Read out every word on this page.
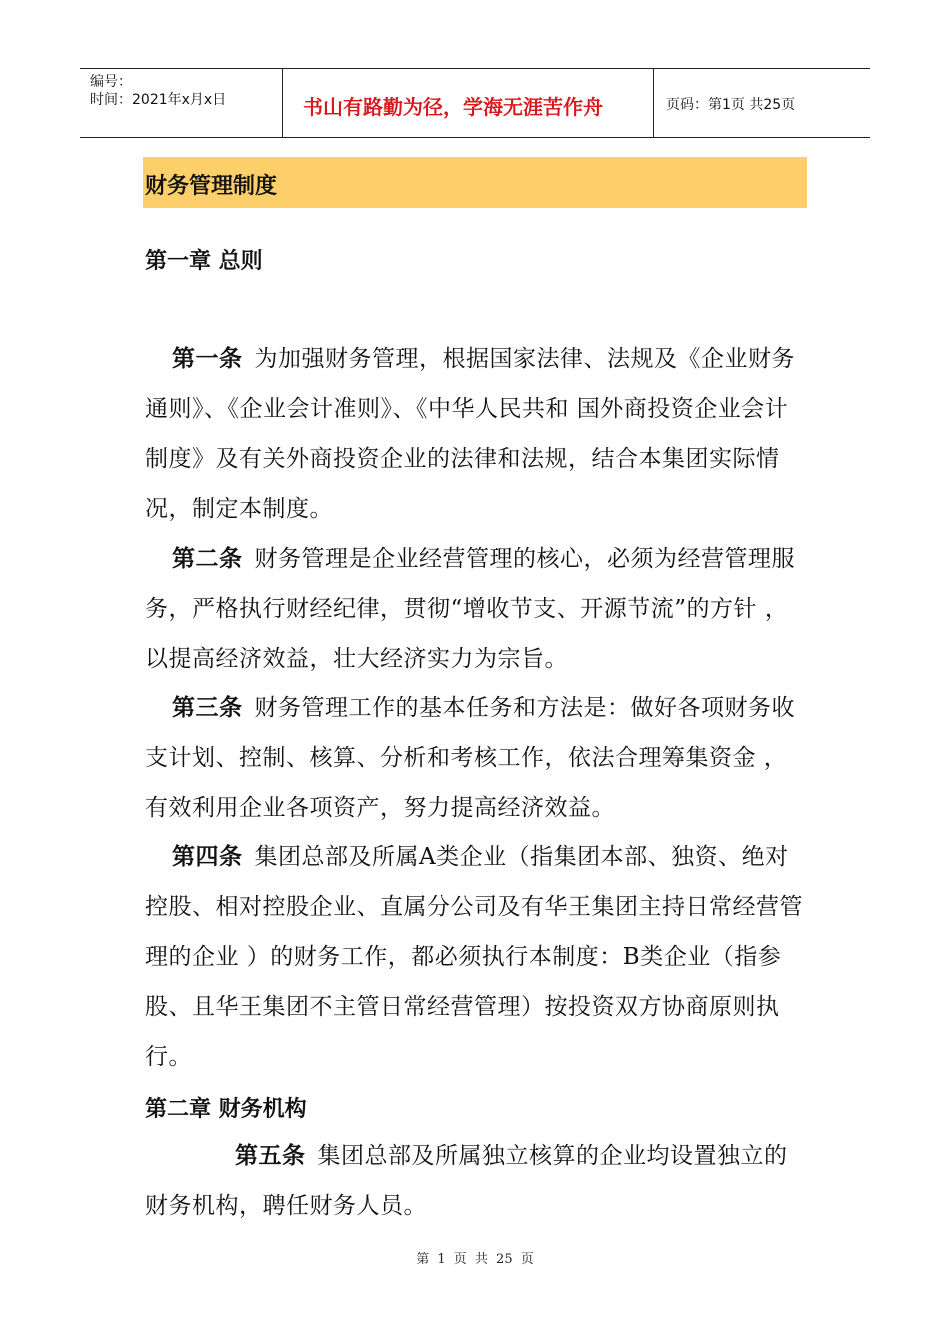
编号：
时间：2021年x月x日	书山有路勤为径，学海无涯苦作舟	页码：第1页 共25页
财务管理制度
第一章 总则

第一条 为加强财务管理，根据国家法律、法规及《企业财务通则》、《企业会计准则》、《中华人民共和 国外商投资企业会计制度》及有关外商投资企业的法律和法规，结合本集团实际情况，制定本制度。

第二条 财务管理是企业经营管理的核心，必须为经营管理服务，严格执行财经纪律，贯彻“增收节支、开源节流”的方针 ，以提高经济效益，壮大经济实力为宗旨。

第三条 财务管理工作的基本任务和方法是：做好各项财务收支计划、控制、核算、分析和考核工作，依法合理筹集资金 ，有效利用企业各项资产，努力提高经济效益。

第四条 集团总部及所属A类企业（指集团本部、独资、绝对控股、相对控股企业、直属分公司及有华王集团主持日常经营管理的企业 ）的财务工作，都必须执行本制度：B类企业（指参股、且华王集团不主管日常经营管理）按投资双方协商原则执行。

第二章 财务机构

第五条 集团总部及所属独立核算的企业均设置独立的财务机构，聘任财务人员。

第 1 页 共 25 页
